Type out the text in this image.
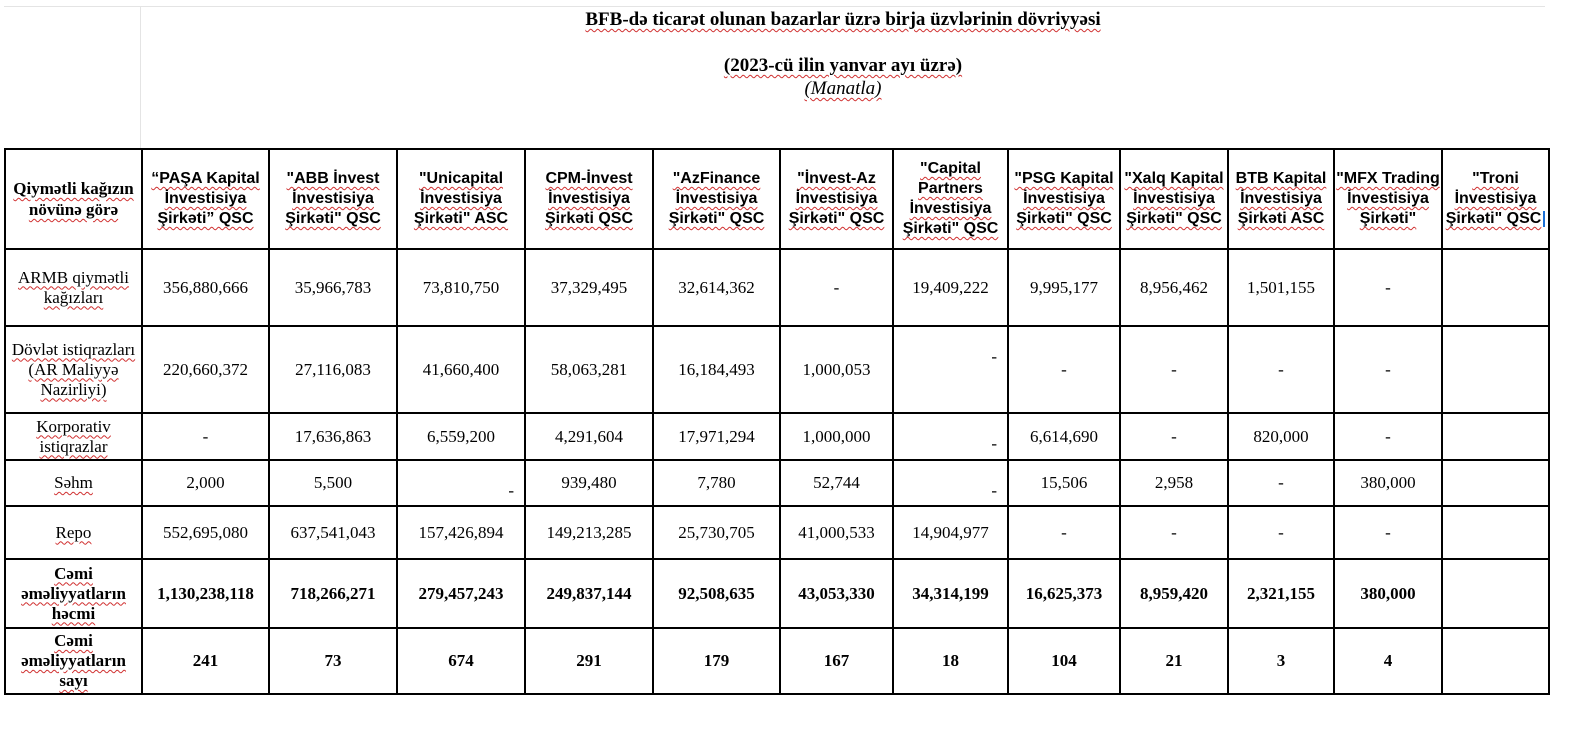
BFB-də ticarət olunan bazarlar üzrə birja üzvlərinin dövriyyəsi
(2023-cü ilin yanvar ayı üzrə)
(Manatla)
Qiymətli kağızın növünə görə	“PAŞA Kapital İnvestisiya Şirkəti” QSC	"ABB İnvest İnvestisiya Şirkəti" QSC	"Unicapital İnvestisiya Şirkəti" ASC	CPM-İnvest İnvestisiya Şirkəti QSC	"AzFinance İnvestisiya Şirkəti" QSC	"İnvest-Az İnvestisiya Şirkəti" QSC	"Capital Partners İnvestisiya Şirkəti" QSC	"PSG Kapital İnvestisiya Şirkəti" QSC	"Xalq Kapital İnvestisiya Şirkəti" QSC	BTB Kapital İnvestisiya Şirkəti ASC	"MFX Trading İnvestisiya Şirkəti"	"Troni İnvestisiya Şirkəti" QSC
ARMB qiymətli kağızları	356,880,666	35,966,783	73,810,750	37,329,495	32,614,362	-	19,409,222	9,995,177	8,956,462	1,501,155	-	
Dövlət istiqrazları (AR Maliyyə Nazirliyi)	220,660,372	27,116,083	41,660,400	58,063,281	16,184,493	1,000,053	-	-	-	-	-	
Korporativ istiqrazlar	-	17,636,863	6,559,200	4,291,604	17,971,294	1,000,000	-	6,614,690	-	820,000	-	
Səhm	2,000	5,500	-	939,480	7,780	52,744	-	15,506	2,958	-	380,000	
Repo	552,695,080	637,541,043	157,426,894	149,213,285	25,730,705	41,000,533	14,904,977	-	-	-	-	
Cəmi əməliyyatların həcmi	1,130,238,118	718,266,271	279,457,243	249,837,144	92,508,635	43,053,330	34,314,199	16,625,373	8,959,420	2,321,155	380,000	
Cəmi əməliyyatların sayı	241	73	674	291	179	167	18	104	21	3	4	
